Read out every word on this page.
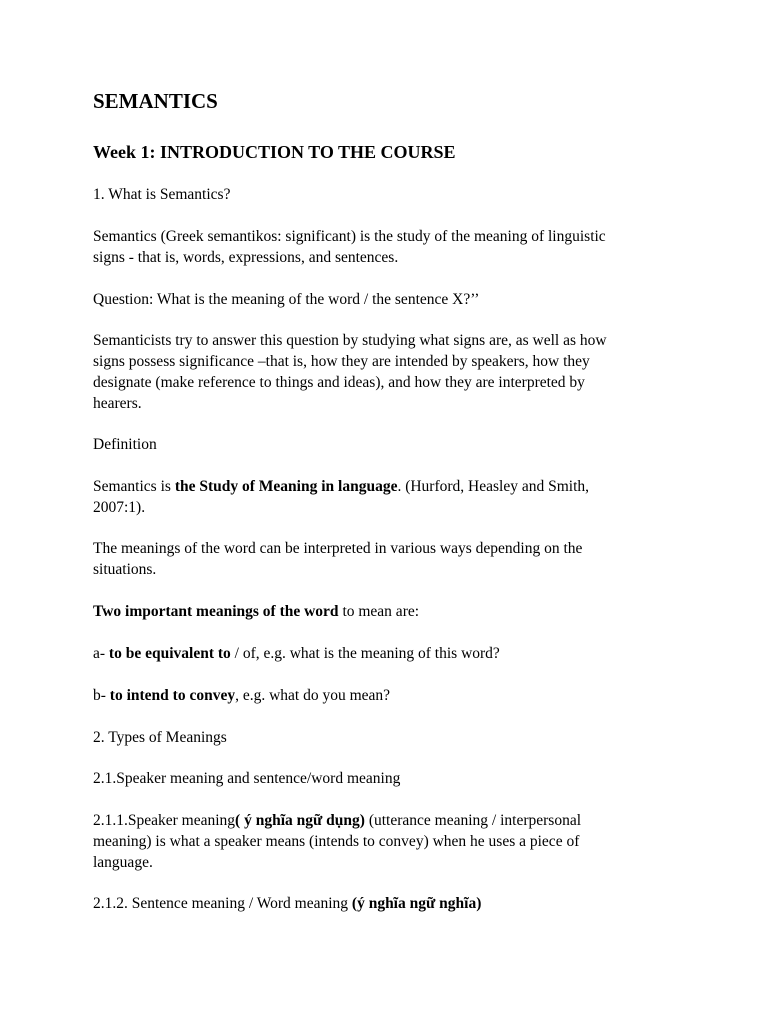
SEMANTICS
Week 1: INTRODUCTION TO THE COURSE

1. What is Semantics?

Semantics (Greek semantikos: significant) is the study of the meaning of linguistic
signs - that is, words, expressions, and sentences.

Question: What is the meaning of the word / the sentence X?’’

Semanticists try to answer this question by studying what signs are, as well as how
signs possess significance –that is, how they are intended by speakers, how they
designate (make reference to things and ideas), and how they are interpreted by
hearers.

Definition

Semantics is the Study of Meaning in language. (Hurford, Heasley and Smith,
2007:1).

The meanings of the word can be interpreted in various ways depending on the
situations.

Two important meanings of the word to mean are:

a- to be equivalent to / of, e.g. what is the meaning of this word?

b- to intend to convey, e.g. what do you mean?

2. Types of Meanings

2.1.Speaker meaning and sentence/word meaning

2.1.1.Speaker meaning( ý nghĩa ngữ dụng) (utterance meaning / interpersonal
meaning) is what a speaker means (intends to convey) when he uses a piece of
language.

2.1.2. Sentence meaning / Word meaning (ý nghĩa ngữ nghĩa)
